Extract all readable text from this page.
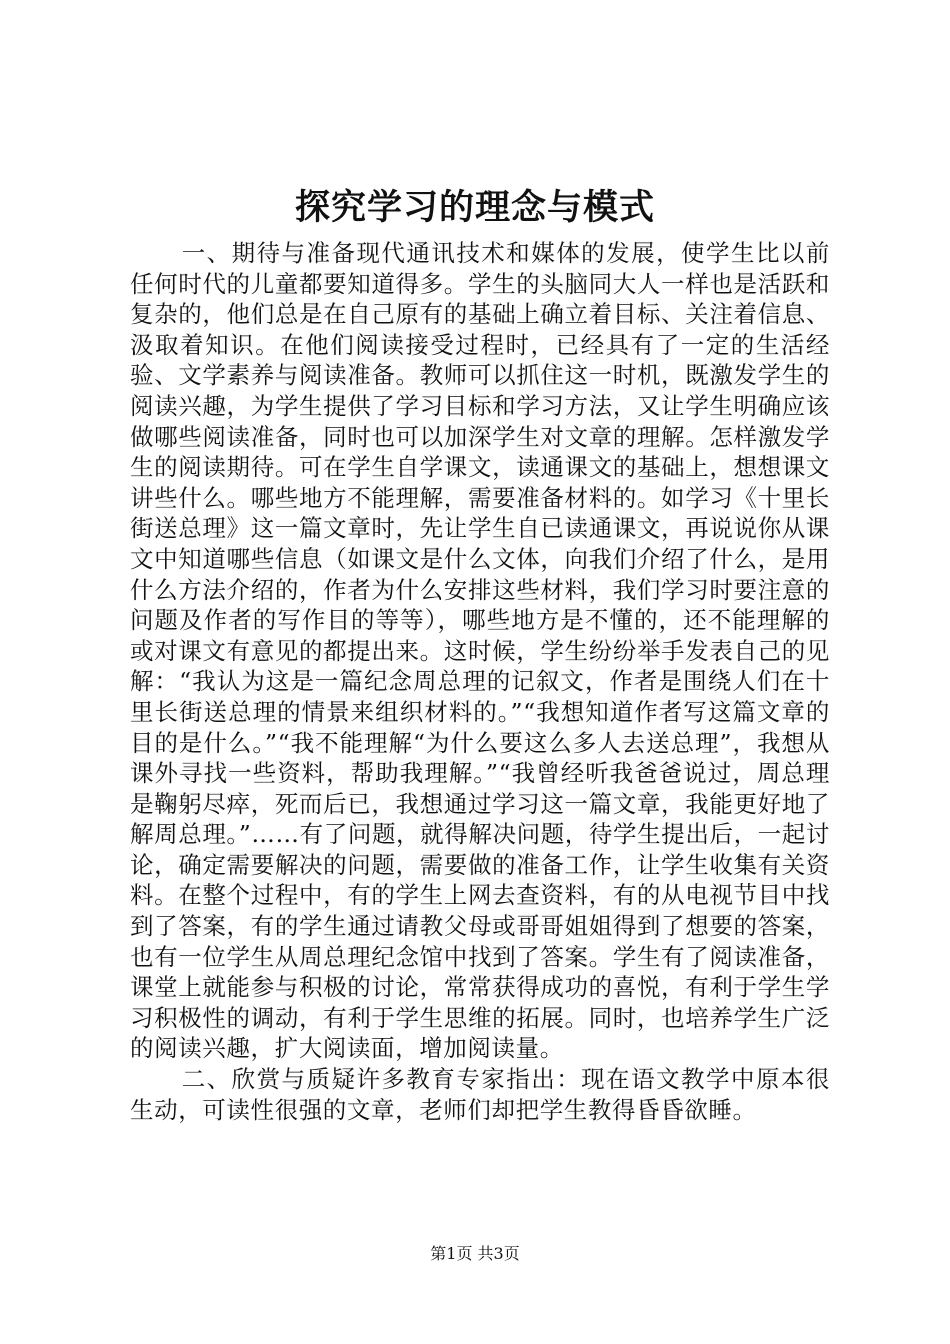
探究学习的理念与模式

一、期待与准备现代通讯技术和媒体的发展，使学生比以前任何时代的儿童都要知道得多。学生的头脑同大人一样也是活跃和复杂的，他们总是在自己原有的基础上确立着目标、关注着信息、汲取着知识。在他们阅读接受过程时，已经具有了一定的生活经验、文学素养与阅读准备。教师可以抓住这一时机，既激发学生的阅读兴趣，为学生提供了学习目标和学习方法，又让学生明确应该做哪些阅读准备，同时也可以加深学生对文章的理解。怎样激发学生的阅读期待。可在学生自学课文，读通课文的基础上，想想课文讲些什么。哪些地方不能理解，需要准备材料的。如学习《十里长街送总理》这一篇文章时，先让学生自已读通课文，再说说你从课文中知道哪些信息（如课文是什么文体，向我们介绍了什么，是用什么方法介绍的，作者为什么安排这些材料，我们学习时要注意的问题及作者的写作目的等等），哪些地方是不懂的，还不能理解的或对课文有意见的都提出来。这时候，学生纷纷举手发表自己的见解：“我认为这是一篇纪念周总理的记叙文，作者是围绕人们在十里长街送总理的情景来组织材料的。”“我想知道作者写这篇文章的目的是什么。”“我不能理解“为什么要这么多人去送总理”，我想从课外寻找一些资料，帮助我理解。”“我曾经听我爸爸说过，周总理是鞠躬尽瘁，死而后已，我想通过学习这一篇文章，我能更好地了解周总理。”……有了问题，就得解决问题，待学生提出后，一起讨论，确定需要解决的问题，需要做的准备工作，让学生收集有关资料。在整个过程中，有的学生上网去查资料，有的从电视节目中找到了答案，有的学生通过请教父母或哥哥姐姐得到了想要的答案，也有一位学生从周总理纪念馆中找到了答案。学生有了阅读准备，课堂上就能参与积极的讨论，常常获得成功的喜悦，有利于学生学习积极性的调动，有利于学生思维的拓展。同时，也培养学生广泛的阅读兴趣，扩大阅读面，增加阅读量。

二、欣赏与质疑许多教育专家指出：现在语文教学中原本很生动，可读性很强的文章，老师们却把学生教得昏昏欲睡。

第1页 共3页
